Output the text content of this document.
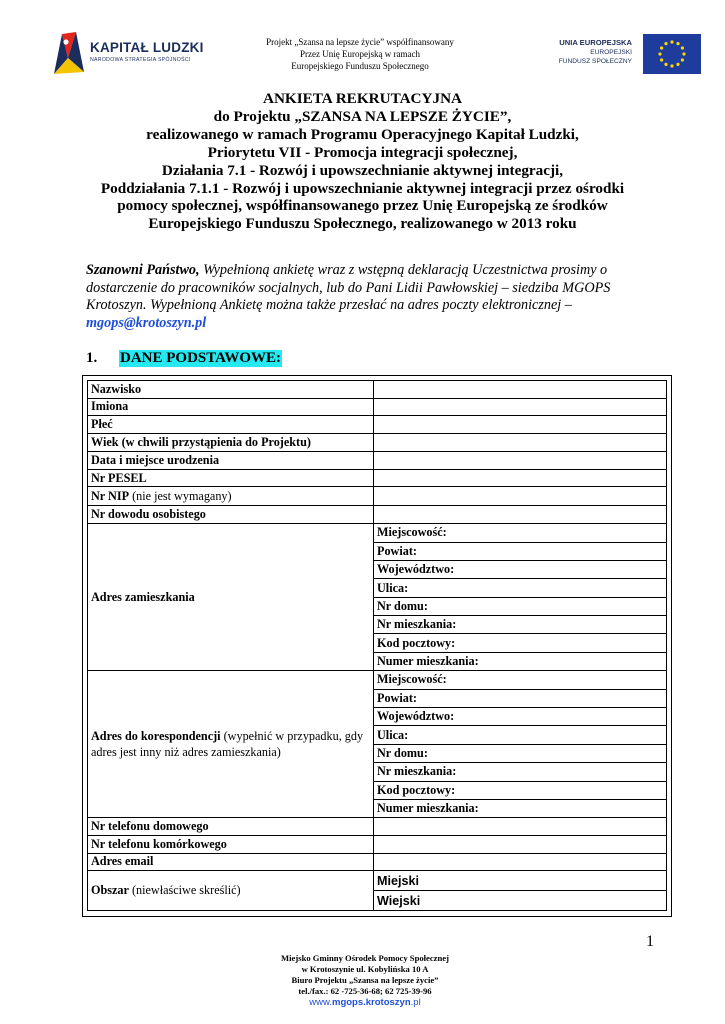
KAPITAŁ LUDZKI
NARODOWA STRATEGIA SPÓJNOŚCI
Projekt „Szansa na lepsze życie” współfinansowany
Przez Unię Europejską w ramach
Europejskiego Funduszu Społecznego
UNIA EUROPEJSKA
EUROPEJSKI
FUNDUSZ SPOŁECZNY
ANKIETA REKRUTACYJNA
do Projektu „SZANSA NA LEPSZE ŻYCIE”,
realizowanego w ramach Programu Operacyjnego Kapitał Ludzki,
Priorytetu VII - Promocja integracji społecznej,
Działania 7.1 - Rozwój i upowszechnianie aktywnej integracji,
Poddziałania 7.1.1 - Rozwój i upowszechnianie aktywnej integracji przez ośrodki
pomocy społecznej, współfinansowanego przez Unię Europejską ze środków
Europejskiego Funduszu Społecznego, realizowanego w 2013 roku
Szanowni Państwo, Wypełnioną ankietę wraz z wstępną deklaracją Uczestnictwa prosimy o dostarczenie do pracowników socjalnych, lub do Pani Lidii Pawłowskiej – siedziba MGOPS Krotoszyn. Wypełnioną Ankietę można także przesłać na adres poczty elektronicznej – mgops@krotoszyn.pl
1. DANE PODSTAWOWE:
Nazwisko	
Imiona	
Płeć	
Wiek (w chwili przystąpienia do Projektu)	
Data i miejsce urodzenia	
Nr PESEL	
Nr NIP (nie jest wymagany)	
Nr dowodu osobistego	
Adres zamieszkania	Miejscowość:
	Powiat:
	Województwo:
	Ulica:
	Nr domu:
	Nr mieszkania:
	Kod pocztowy:
	Numer mieszkania:
Adres do korespondencji (wypełnić w przypadku, gdy adres jest inny niż adres zamieszkania)	Miejscowość:
	Powiat:
	Województwo:
	Ulica:
	Nr domu:
	Nr mieszkania:
	Kod pocztowy:
	Numer mieszkania:
Nr telefonu domowego	
Nr telefonu komórkowego	
Adres email	
Obszar (niewłaściwe skreślić)	Miejski
	Wiejski
1
Miejsko Gminny Ośrodek Pomocy Społecznej
w Krotoszynie ul. Kobylińska 10 A
Biuro Projektu „Szansa na lepsze życie”
tel./fax.: 62 -725-36-68; 62 725-39-96
www.mgops.krotoszyn.pl
